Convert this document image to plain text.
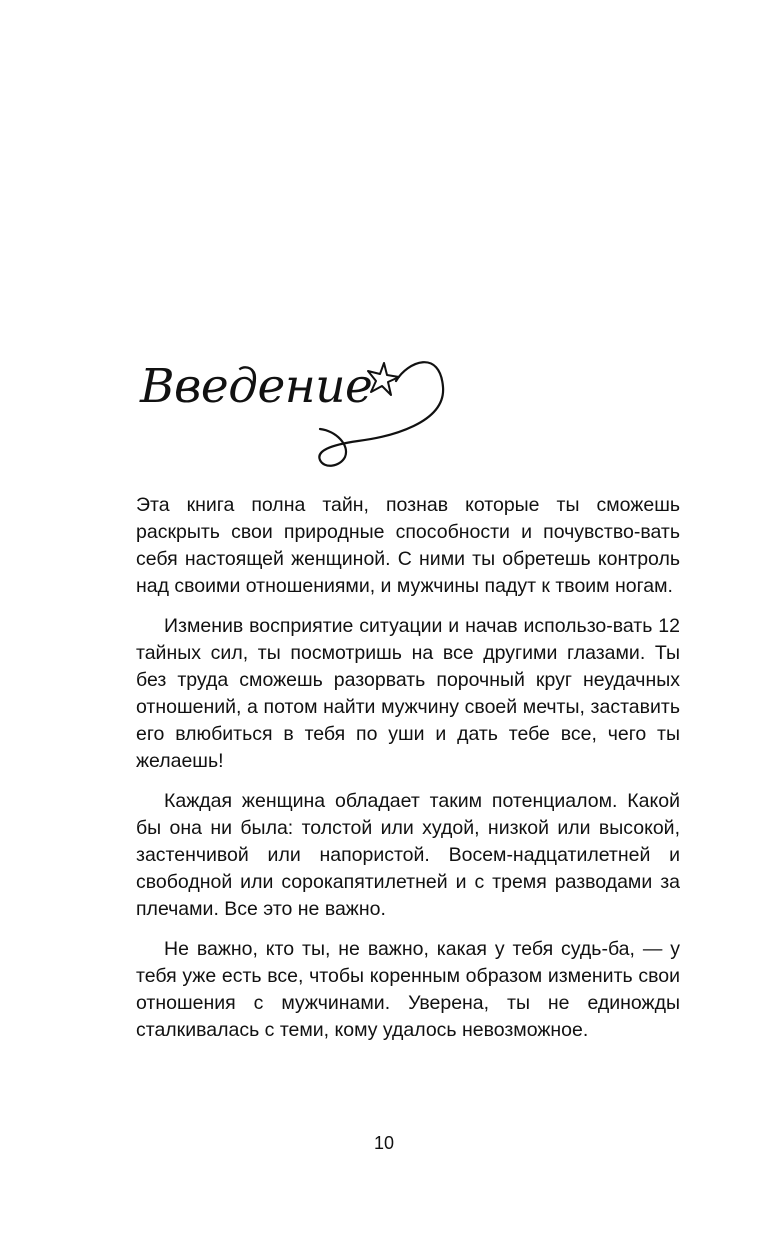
Введение

Эта книга полна тайн, познав которые ты сможешь раскрыть свои природные способности и почувство-вать себя настоящей женщиной. С ними ты обретешь контроль над своими отношениями, и мужчины падут к твоим ногам.

Изменив восприятие ситуации и начав использо-вать 12 тайных сил, ты посмотришь на все другими глазами. Ты без труда сможешь разорвать порочный круг неудачных отношений, а потом найти мужчину своей мечты, заставить его влюбиться в тебя по уши и дать тебе все, чего ты желаешь!

Каждая женщина обладает таким потенциалом. Какой бы она ни была: толстой или худой, низкой или высокой, застенчивой или напористой. Восем-надцатилетней и свободной или сорокапятилетней и с тремя разводами за плечами. Все это не важно.

Не важно, кто ты, не важно, какая у тебя судь-ба, — у тебя уже есть все, чтобы коренным образом изменить свои отношения с мужчинами. Уверена, ты не единожды сталкивалась с теми, кому удалось невозможное.

10
